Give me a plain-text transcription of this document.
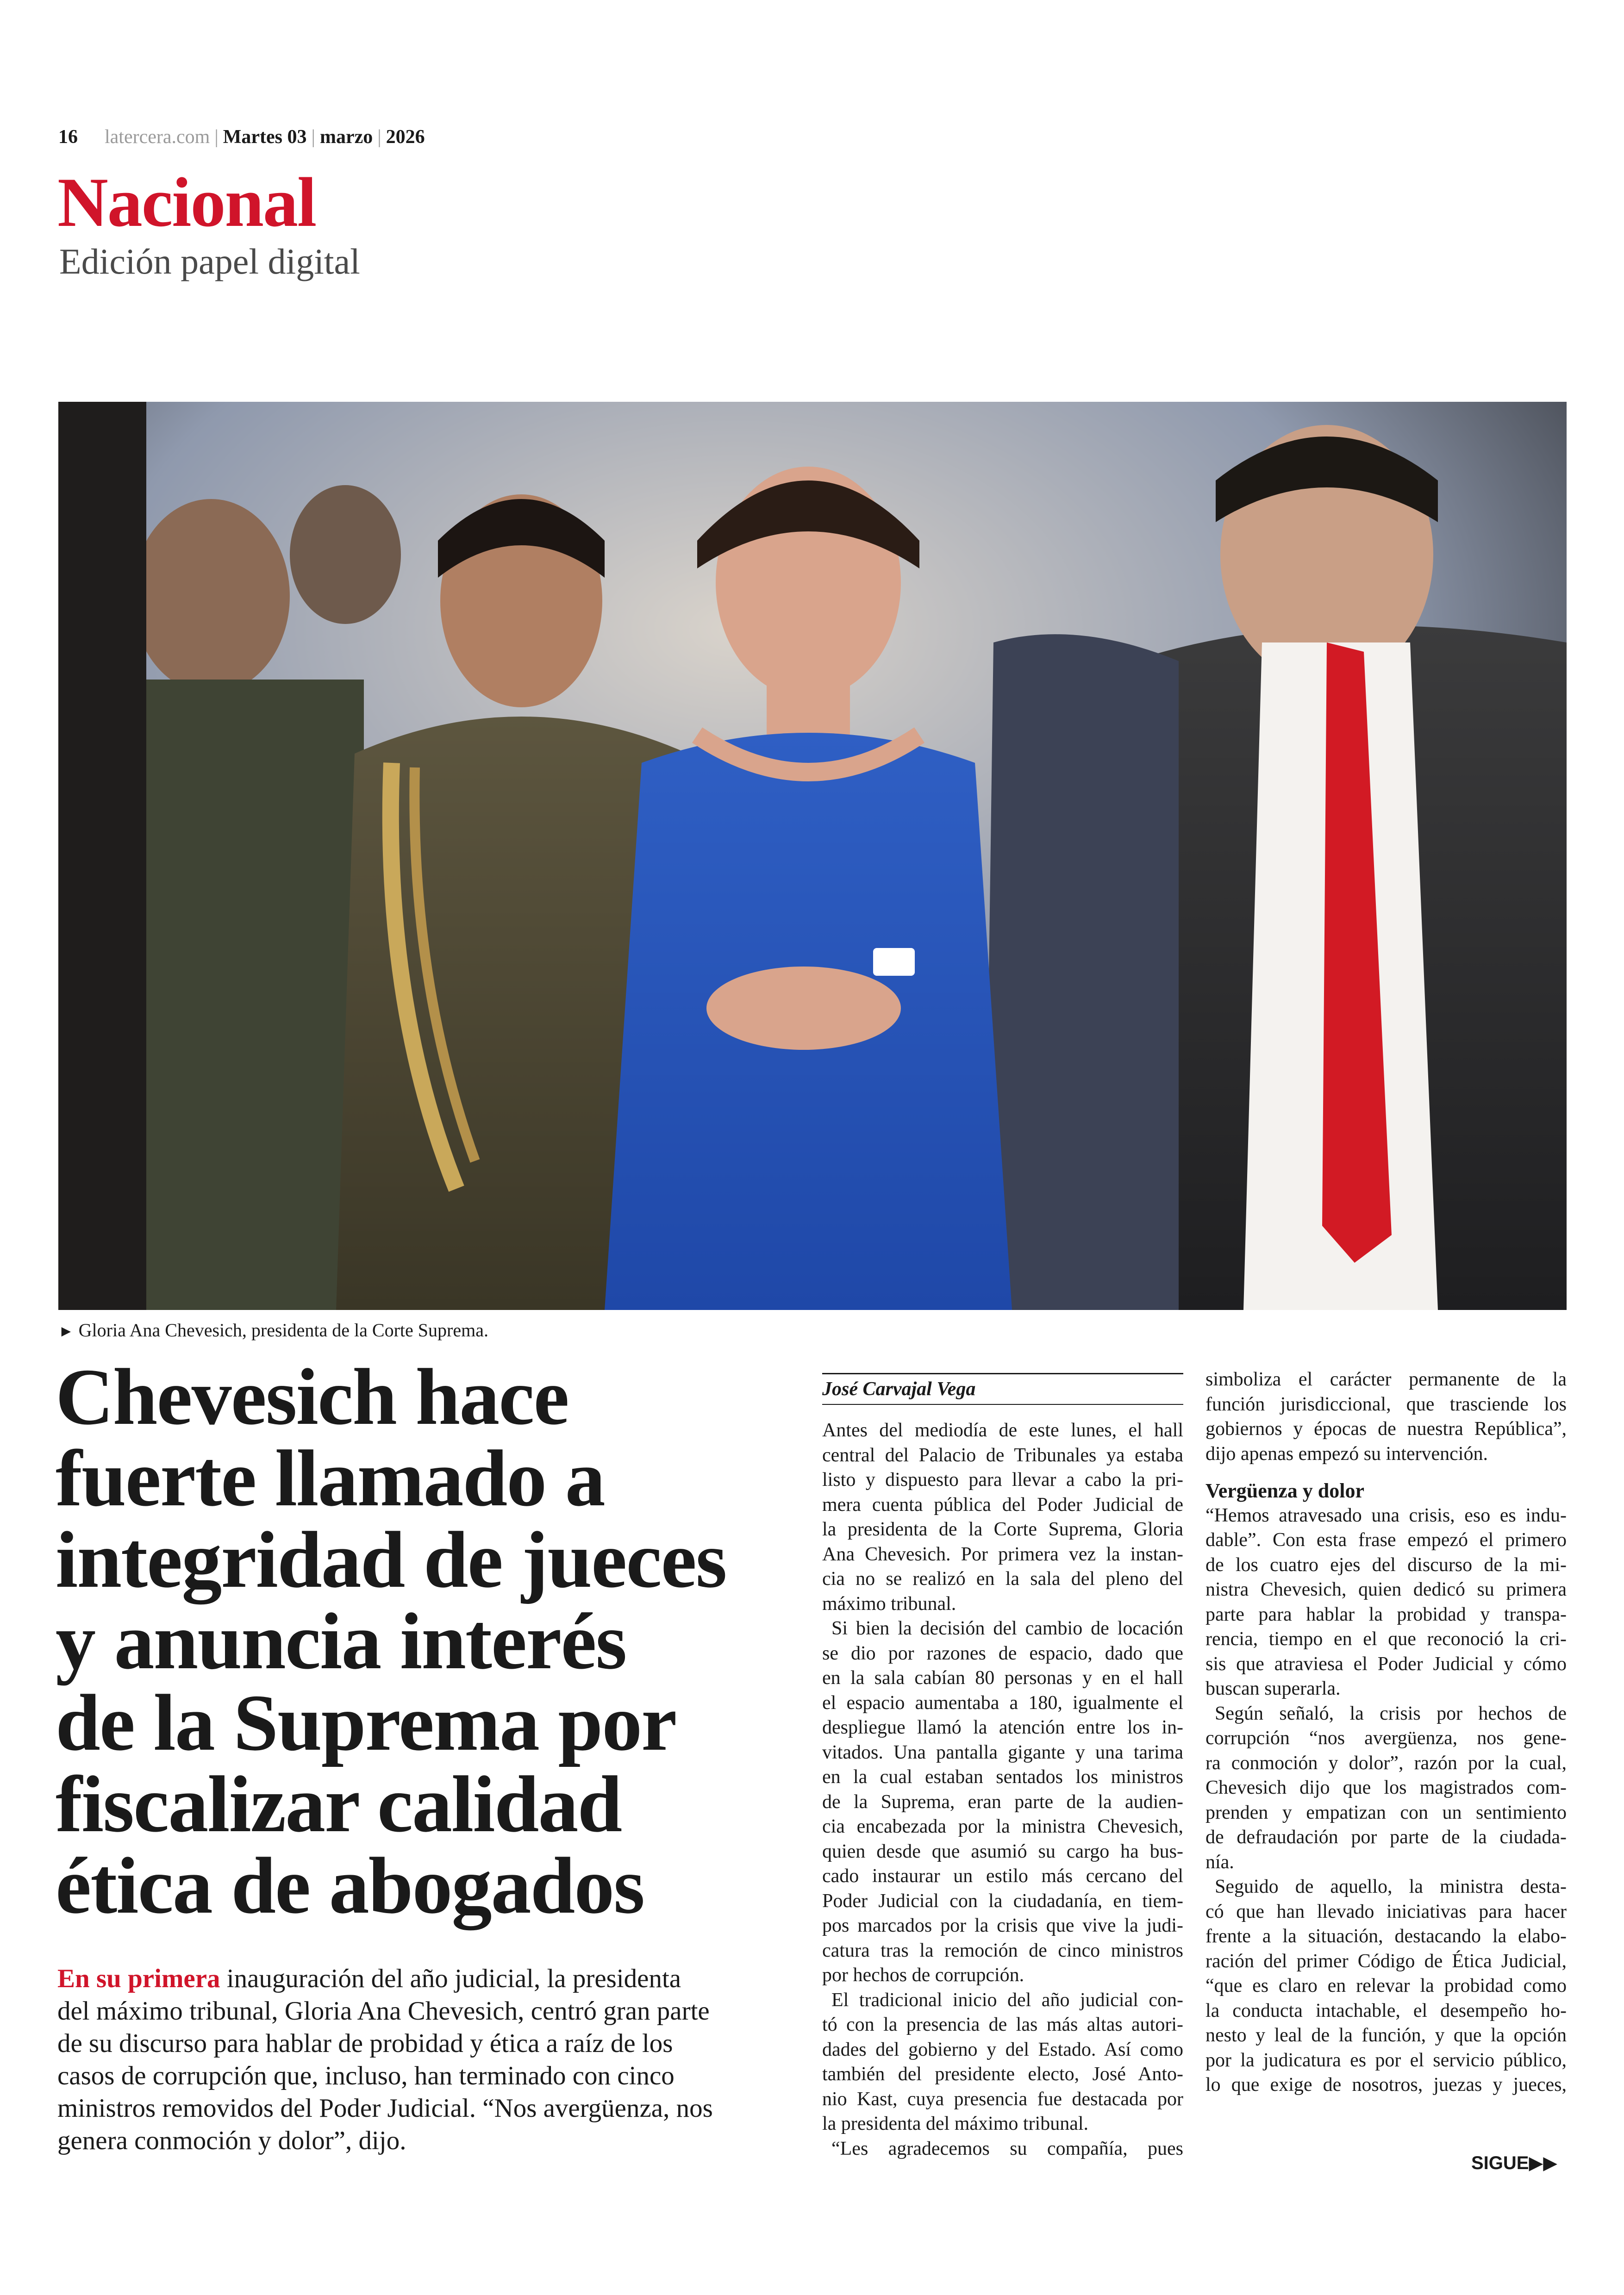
16 latercera.com | Martes 03 | marzo | 2026
Nacional
Edición papel digital
► Gloria Ana Chevesich, presidenta de la Corte Suprema.
Chevesich hace
fuerte llamado a
integridad de jueces
y anuncia interés
de la Suprema por
fiscalizar calidad
ética de abogados
En su primera inauguración del año judicial, la presidenta
del máximo tribunal, Gloria Ana Chevesich, centró gran parte
de su discurso para hablar de probidad y ética a raíz de los
casos de corrupción que, incluso, han terminado con cinco
ministros removidos del Poder Judicial. “Nos avergüenza, nos
genera conmoción y dolor”, dijo.
José Carvajal Vega
Antes del mediodía de este lunes, el hall
central del Palacio de Tribunales ya estaba
listo y dispuesto para llevar a cabo la pri-
mera cuenta pública del Poder Judicial de
la presidenta de la Corte Suprema, Gloria
Ana Chevesich. Por primera vez la instan-
cia no se realizó en la sala del pleno del
máximo tribunal.
Si bien la decisión del cambio de locación
se dio por razones de espacio, dado que
en la sala cabían 80 personas y en el hall
el espacio aumentaba a 180, igualmente el
despliegue llamó la atención entre los in-
vitados. Una pantalla gigante y una tarima
en la cual estaban sentados los ministros
de la Suprema, eran parte de la audien-
cia encabezada por la ministra Chevesich,
quien desde que asumió su cargo ha bus-
cado instaurar un estilo más cercano del
Poder Judicial con la ciudadanía, en tiem-
pos marcados por la crisis que vive la judi-
catura tras la remoción de cinco ministros
por hechos de corrupción.
El tradicional inicio del año judicial con-
tó con la presencia de las más altas autori-
dades del gobierno y del Estado. Así como
también del presidente electo, José Anto-
nio Kast, cuya presencia fue destacada por
la presidenta del máximo tribunal.
“Les agradecemos su compañía, pues
simboliza el carácter permanente de la
función jurisdiccional, que trasciende los
gobiernos y épocas de nuestra República”,
dijo apenas empezó su intervención.
Vergüenza y dolor
“Hemos atravesado una crisis, eso es indu-
dable”. Con esta frase empezó el primero
de los cuatro ejes del discurso de la mi-
nistra Chevesich, quien dedicó su primera
parte para hablar la probidad y transpa-
rencia, tiempo en el que reconoció la cri-
sis que atraviesa el Poder Judicial y cómo
buscan superarla.
Según señaló, la crisis por hechos de
corrupción “nos avergüenza, nos gene-
ra conmoción y dolor”, razón por la cual,
Chevesich dijo que los magistrados com-
prenden y empatizan con un sentimiento
de defraudación por parte de la ciudada-
nía.
Seguido de aquello, la ministra desta-
có que han llevado iniciativas para hacer
frente a la situación, destacando la elabo-
ración del primer Código de Ética Judicial,
“que es claro en relevar la probidad como
la conducta intachable, el desempeño ho-
nesto y leal de la función, y que la opción
por la judicatura es por el servicio público,
lo que exige de nosotros, juezas y jueces,
SIGUE▶▶
